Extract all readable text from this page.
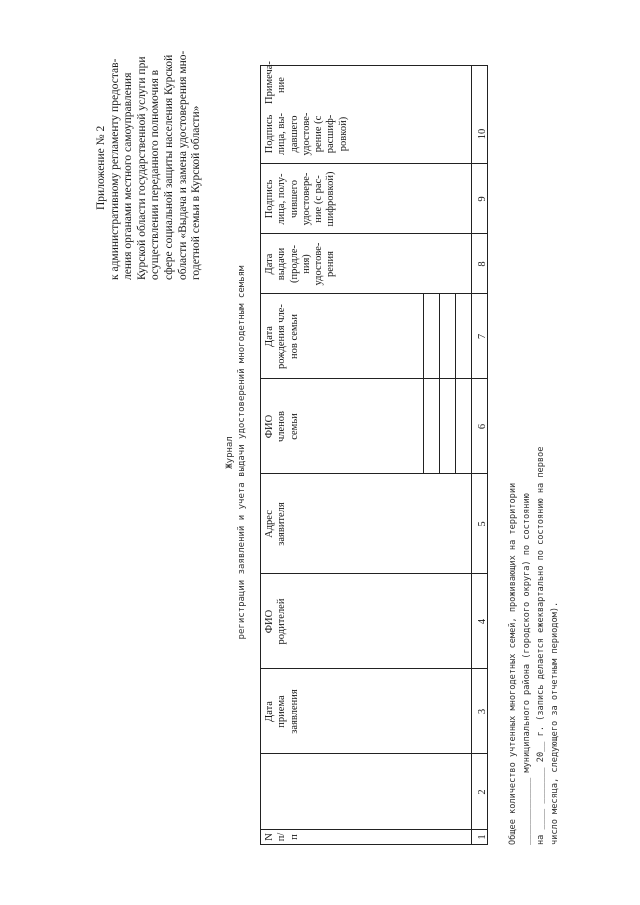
Приложение № 2 к административному регламенту предостав- ления органами местного самоуправления Курской области государственной услуги при осуществлении переданного полномочия в сфере социальной защиты населения Курской области «Выдача и замена удостоверения мно- годетной семьи в Курской области»
Журнал регистрации заявлений и учета выдачи удостоверений многодетным семьям
N
п/п
Дата
приема
заявления
ФИО
родителей
Адрес
заявителя
ФИО
членов
семьи
Дата
рождения чле-
нов семьи
Дата
выдачи
(продле-
ния)
удостове-
рения
Подпись
лица, полу-
чившего
удостовере-
ние (с рас-
шифровкой)
Подпись
лица, вы-
давшего
удостове-
рение (с
расшиф-
ровкой)
Примеча-
ние
1
2
3
4
5
6
7
8
9
10
Общее количество учтенных многодетных семей, проживающих на территории _____________ муниципального района (городского округа) по состоянию на ____ _______ 20__ г. (запись делается ежеквартально по состоянию на первое число месяца, следующего за отчетным периодом).
